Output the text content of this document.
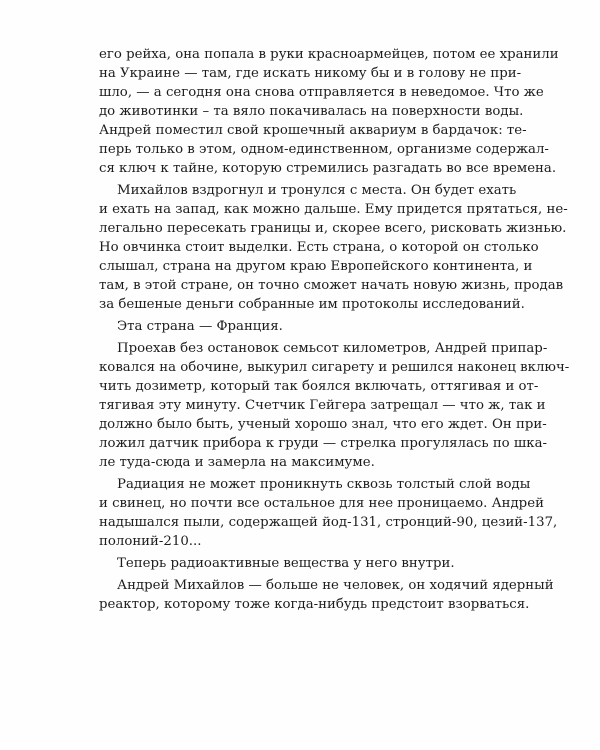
его рейха, она попала в руки красноармейцев, потом ее хранили
на Украине — там, где искать никому бы и в голову не при-
шло, — а сегодня она снова отправляется в неведомое. Что же
до животинки – та вяло покачивалась на поверхности воды.
Андрей поместил свой крошечный аквариум в бардачок: те-
перь только в этом, одном-единственном, организме содержал-
ся ключ к тайне, которую стремились разгадать во все времена.
Михайлов вздрогнул и тронулся с места. Он будет ехать
и ехать на запад, как можно дальше. Ему придется прятаться, не-
легально пересекать границы и, скорее всего, рисковать жизнью.
Но овчинка стоит выделки. Есть страна, о которой он столько
слышал, страна на другом краю Европейского континента, и
там, в этой стране, он точно сможет начать новую жизнь, продав
за бешеные деньги собранные им протоколы исследований.
Эта страна — Франция.
Проехав без остановок семьсот километров, Андрей припар-
ковался на обочине, выкурил сигарету и решился наконец включ-
чить дозиметр, который так боялся включать, оттягивая и от-
тягивая эту минуту. Счетчик Гейгера затрещал — что ж, так и
должно было быть, ученый хорошо знал, что его ждет. Он при-
ложил датчик прибора к груди — стрелка прогулялась по шка-
ле туда-сюда и замерла на максимуме.
Радиация не может проникнуть сквозь толстый слой воды
и свинец, но почти все остальное для нее проницаемо. Андрей
надышался пыли, содержащей йод-131, стронций-90, цезий-137,
полоний-210...
Теперь радиоактивные вещества у него внутри.
Андрей Михайлов — больше не человек, он ходячий ядерный
реактор, которому тоже когда-нибудь предстоит взорваться.
